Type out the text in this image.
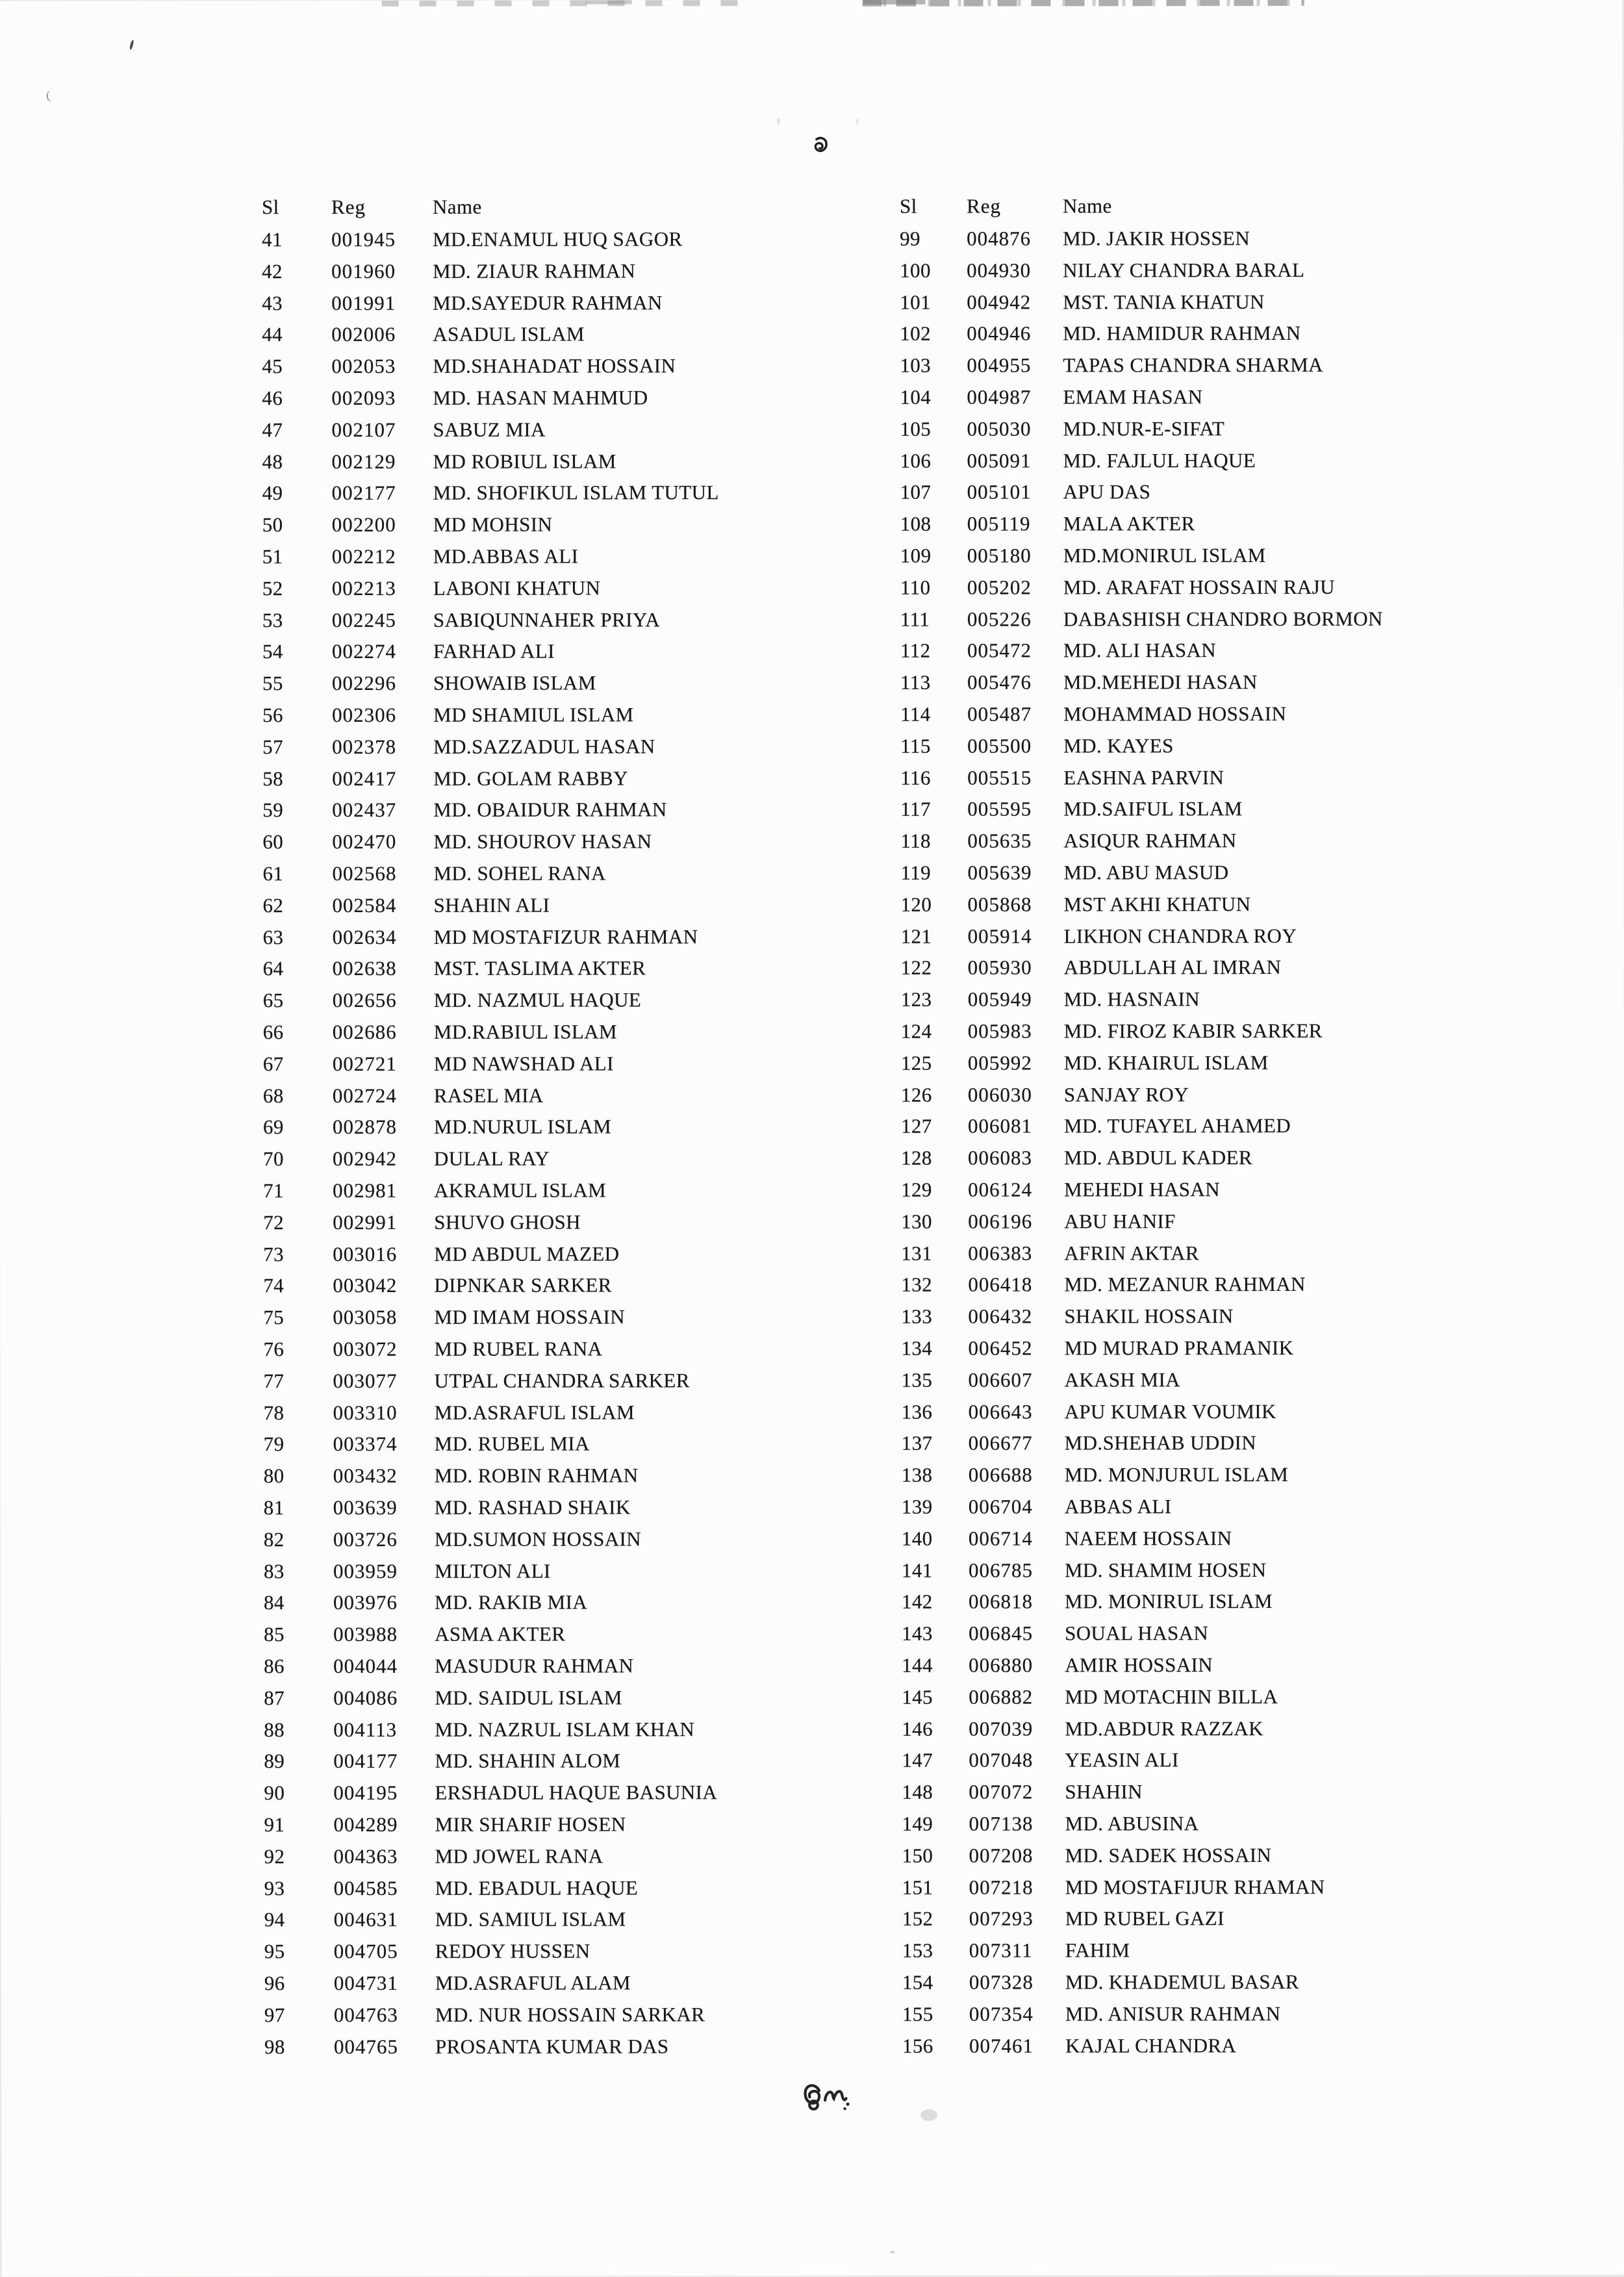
Sl	Reg	Name
41 001945 MD.ENAMUL HUQ SAGOR
42 001960 MD. ZIAUR RAHMAN
43 001991 MD.SAYEDUR RAHMAN
44 002006 ASADUL ISLAM
45 002053 MD.SHAHADAT HOSSAIN
46 002093 MD. HASAN MAHMUD
47 002107 SABUZ MIA
48 002129 MD ROBIUL ISLAM
49 002177 MD. SHOFIKUL ISLAM TUTUL
50 002200 MD MOHSIN
51 002212 MD.ABBAS ALI
52 002213 LABONI KHATUN
53 002245 SABIQUNNAHER PRIYA
54 002274 FARHAD ALI
55 002296 SHOWAIB ISLAM
56 002306 MD SHAMIUL ISLAM
57 002378 MD.SAZZADUL HASAN
58 002417 MD. GOLAM RABBY
59 002437 MD. OBAIDUR RAHMAN
60 002470 MD. SHOUROV HASAN
61 002568 MD. SOHEL RANA
62 002584 SHAHIN ALI
63 002634 MD MOSTAFIZUR RAHMAN
64 002638 MST. TASLIMA AKTER
65 002656 MD. NAZMUL HAQUE
66 002686 MD.RABIUL ISLAM
67 002721 MD NAWSHAD ALI
68 002724 RASEL MIA
69 002878 MD.NURUL ISLAM
70 002942 DULAL RAY
71 002981 AKRAMUL ISLAM
72 002991 SHUVO GHOSH
73 003016 MD ABDUL MAZED
74 003042 DIPNKAR SARKER
75 003058 MD IMAM HOSSAIN
76 003072 MD RUBEL RANA
77 003077 UTPAL CHANDRA SARKER
78 003310 MD.ASRAFUL ISLAM
79 003374 MD. RUBEL MIA
80 003432 MD. ROBIN RAHMAN
81 003639 MD. RASHAD SHAIK
82 003726 MD.SUMON HOSSAIN
83 003959 MILTON ALI
84 003976 MD. RAKIB MIA
85 003988 ASMA AKTER
86 004044 MASUDUR RAHMAN
87 004086 MD. SAIDUL ISLAM
88 004113 MD. NAZRUL ISLAM KHAN
89 004177 MD. SHAHIN ALOM
90 004195 ERSHADUL HAQUE BASUNIA
91 004289 MIR SHARIF HOSEN
92 004363 MD JOWEL RANA
93 004585 MD. EBADUL HAQUE
94 004631 MD. SAMIUL ISLAM
95 004705 REDOY HUSSEN
96 004731 MD.ASRAFUL ALAM
97 004763 MD. NUR HOSSAIN SARKAR
98 004765 PROSANTA KUMAR DAS
Sl Reg	Name
99 004876 MD. JAKIR HOSSEN
100 004930 NILAY CHANDRA BARAL
101 004942 MST. TANIA KHATUN
102 004946 MD. HAMIDUR RAHMAN
103 004955 TAPAS CHANDRA SHARMA
104 004987 EMAM HASAN
105 005030 MD.NUR-E-SIFAT
106 005091 MD. FAJLUL HAQUE
107 005101 APU DAS
108 005119 MALA AKTER
109 005180 MD.MONIRUL ISLAM
110 005202 MD. ARAFAT HOSSAIN RAJU
111 005226 DABASHISH CHANDRO BORMON
112 005472 MD. ALI HASAN
113 005476 MD.MEHEDI HASAN
114 005487 MOHAMMAD HOSSAIN
115 005500 MD. KAYES
116 005515 EASHNA PARVIN
117 005595 MD.SAIFUL ISLAM
118 005635 ASIQUR RAHMAN
119 005639 MD. ABU MASUD
120 005868 MST AKHI KHATUN
121 005914 LIKHON CHANDRA ROY
122 005930 ABDULLAH AL IMRAN
123 005949 MD. HASNAIN
124 005983 MD. FIROZ KABIR SARKER
125 005992 MD. KHAIRUL ISLAM
126 006030 SANJAY ROY
127 006081 MD. TUFAYEL AHAMED
128 006083 MD. ABDUL KADER
129 006124 MEHEDI HASAN
130 006196 ABU HANIF
131 006383 AFRIN AKTAR
132 006418 MD. MEZANUR RAHMAN
133 006432 SHAKIL HOSSAIN
134 006452 MD MURAD PRAMANIK
135 006607 AKASH MIA
136 006643 APU KUMAR VOUMIK
137 006677 MD.SHEHAB UDDIN
138 006688 MD. MONJURUL ISLAM
139 006704 ABBAS ALI
140 006714 NAEEM HOSSAIN
141 006785 MD. SHAMIM HOSEN
142 006818 MD. MONIRUL ISLAM
143 006845 SOUAL HASAN
144 006880 AMIR HOSSAIN
145 006882 MD MOTACHIN BILLA
146 007039 MD.ABDUR RAZZAK
147 007048 YEASIN ALI
148 007072 SHAHIN
149 007138 MD. ABUSINA
150 007208 MD. SADEK HOSSAIN
151 007218 MD MOSTAFIJUR RHAMAN
152 007293 MD RUBEL GAZI
153 007311 FAHIM
154 007328 MD. KHADEMUL BASAR
155 007354 MD. ANISUR RAHMAN
156 007461 KAJAL CHANDRA
